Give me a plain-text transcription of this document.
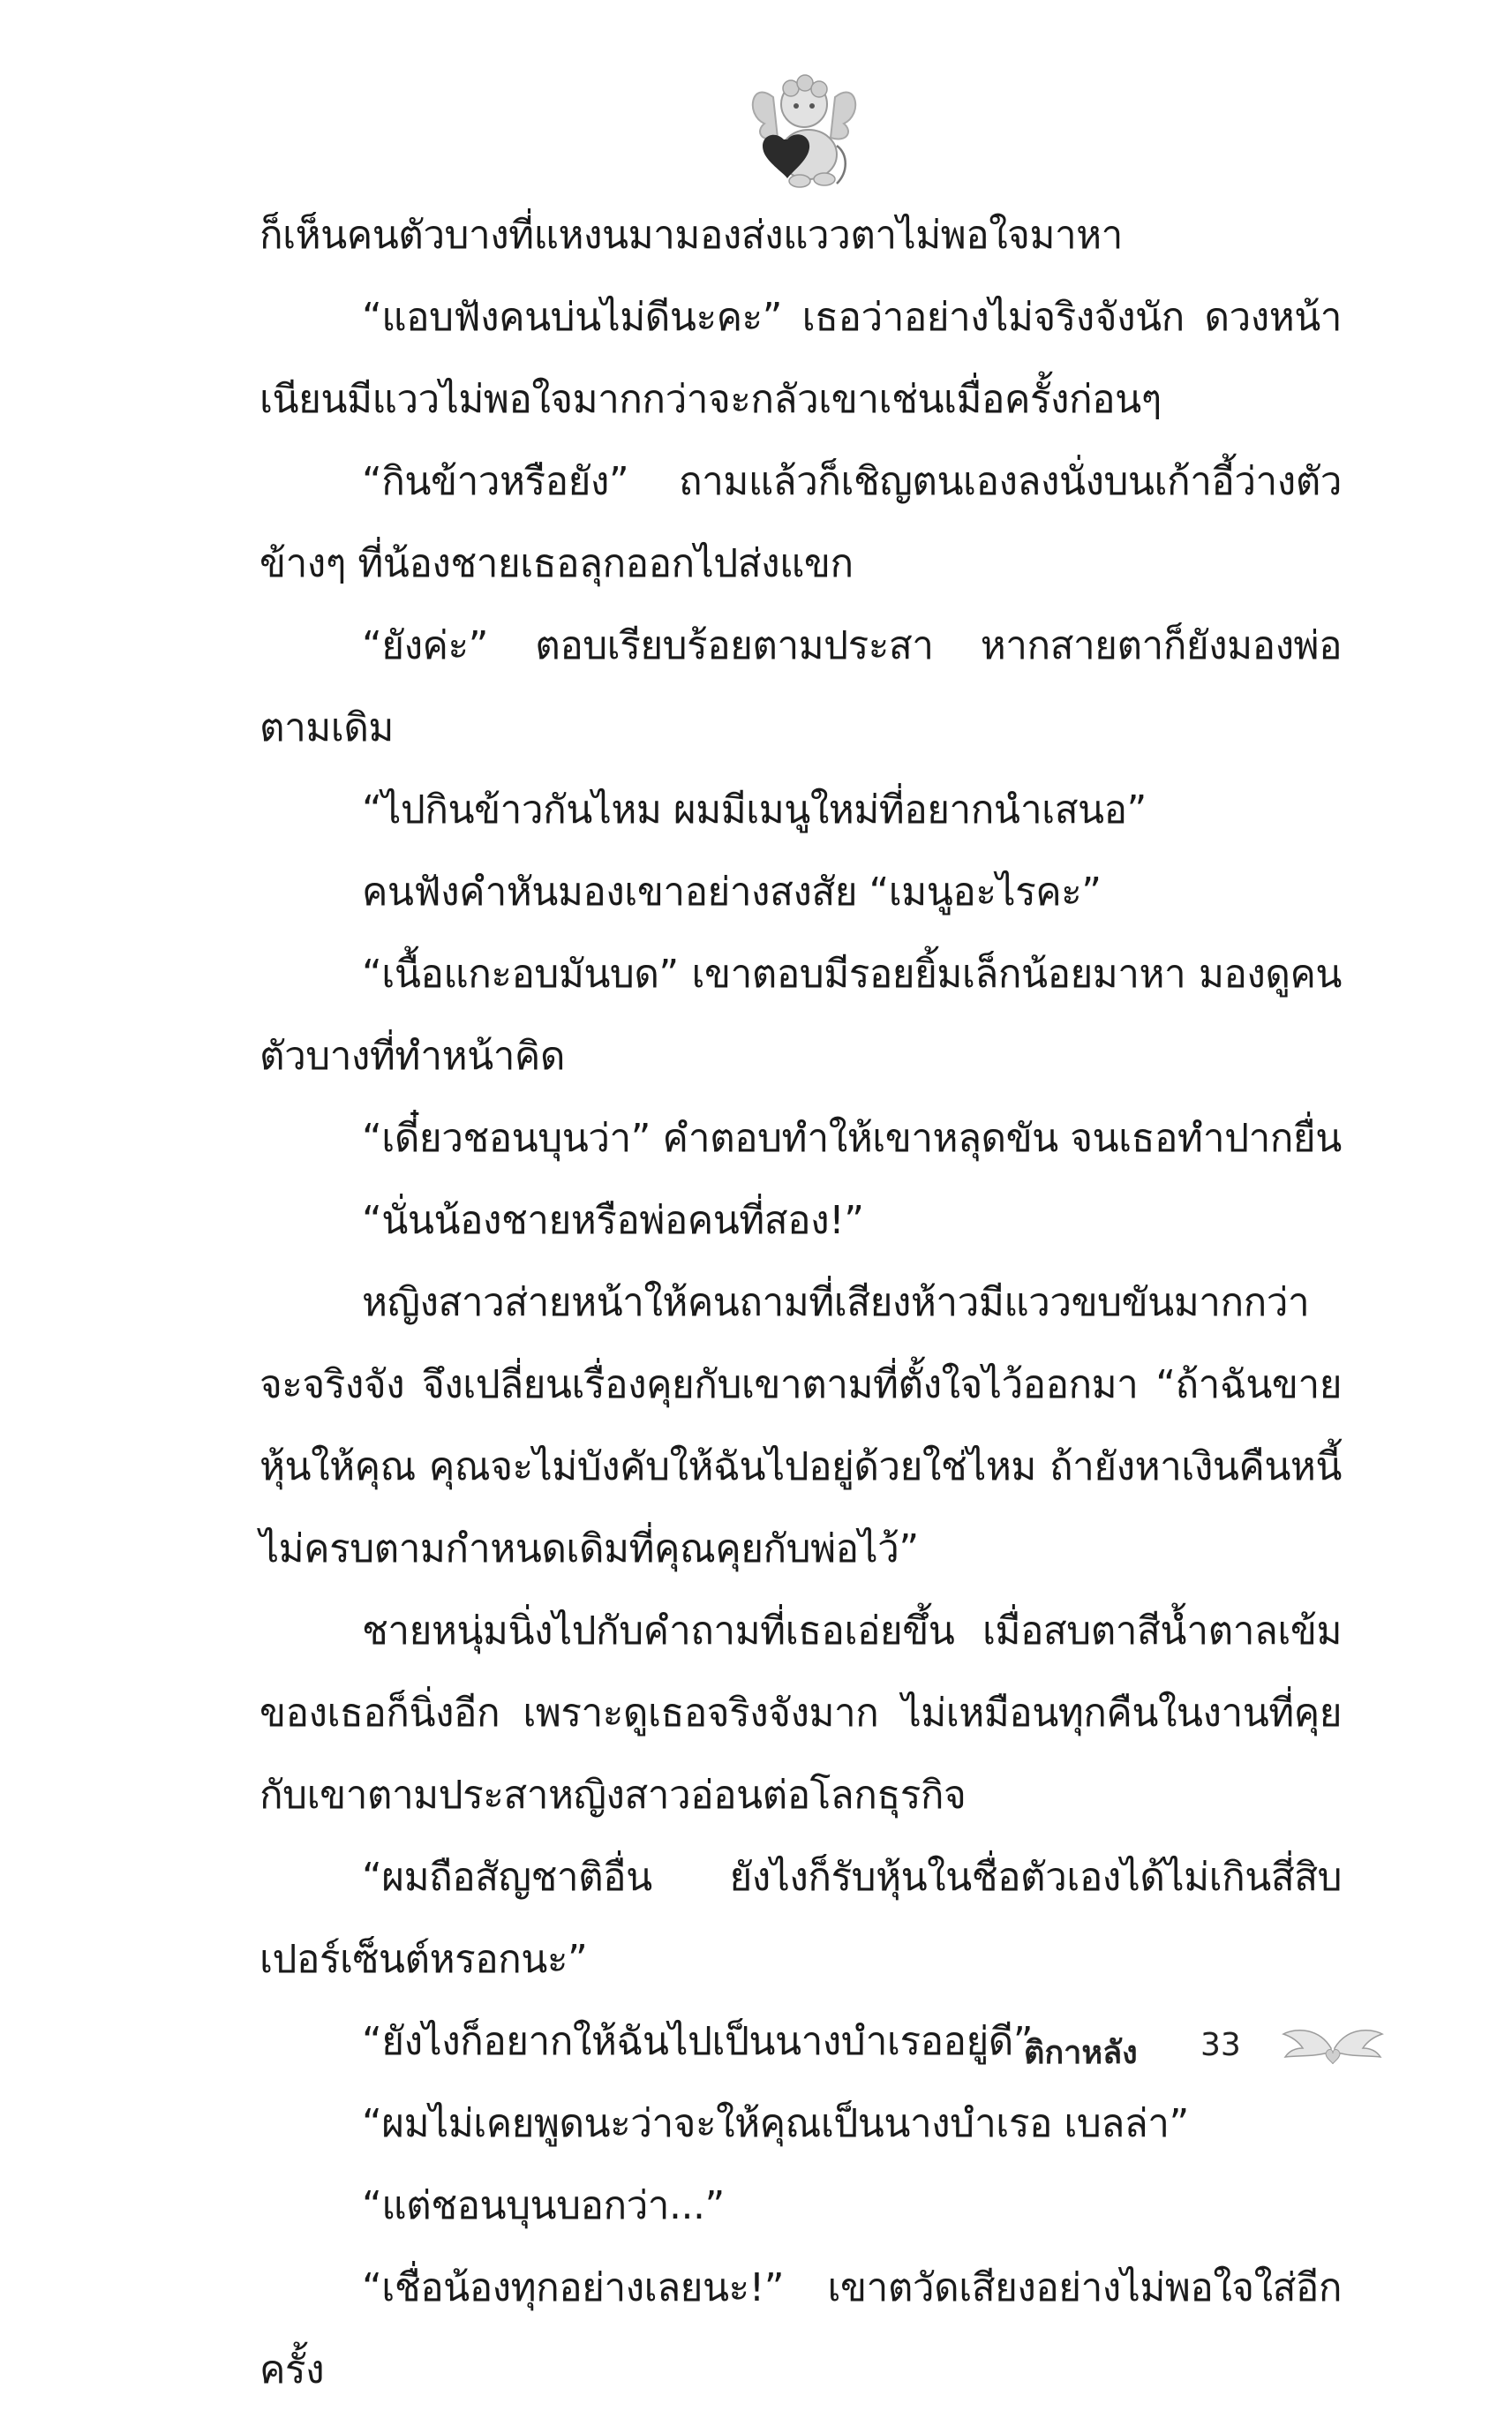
ก็เห็นคนตัวบางที่แหงนมามองส่งแววตาไม่พอใจมาหา

“แอบฟังคนบ่นไม่ดีนะคะ” เธอว่าอย่างไม่จริงจังนัก ดวงหน้าเนียนมีแววไม่พอใจมากกว่าจะกลัวเขาเช่นเมื่อครั้งก่อนๆ

“กินข้าวหรือยัง” ถามแล้วก็เชิญตนเองลงนั่งบนเก้าอี้ว่างตัวข้างๆ ที่น้องชายเธอลุกออกไปส่งแขก

“ยังค่ะ” ตอบเรียบร้อยตามประสา หากสายตาก็ยังมองพ่อตามเดิม

“ไปกินข้าวกันไหม ผมมีเมนูใหม่ที่อยากนำเสนอ”

คนฟังคำหันมองเขาอย่างสงสัย “เมนูอะไรคะ”

“เนื้อแกะอบมันบด” เขาตอบมีรอยยิ้มเล็กน้อยมาหา มองดูคนตัวบางที่ทำหน้าคิด

“เดี๋ยวชอนบุนว่า” คำตอบทำให้เขาหลุดขัน จนเธอทำปากยื่น

“นั่นน้องชายหรือพ่อคนที่สอง!”

หญิงสาวส่ายหน้าให้คนถามที่เสียงห้าวมีแววขบขันมากกว่าจะจริงจัง จึงเปลี่ยนเรื่องคุยกับเขาตามที่ตั้งใจไว้ออกมา “ถ้าฉันขายหุ้นให้คุณ คุณจะไม่บังคับให้ฉันไปอยู่ด้วยใช่ไหม ถ้ายังหาเงินคืนหนี้ไม่ครบตามกำหนดเดิมที่คุณคุยกับพ่อไว้”

ชายหนุ่มนิ่งไปกับคำถามที่เธอเอ่ยขึ้น เมื่อสบตาสีน้ำตาลเข้มของเธอก็นิ่งอีก เพราะดูเธอจริงจังมาก ไม่เหมือนทุกคืนในงานที่คุยกับเขาตามประสาหญิงสาวอ่อนต่อโลกธุรกิจ

“ผมถือสัญชาติอื่น ยังไงก็รับหุ้นในชื่อตัวเองได้ไม่เกินสี่สิบเปอร์เซ็นต์หรอกนะ”

“ยังไงก็อยากให้ฉันไปเป็นนางบำเรออยู่ดี”

“ผมไม่เคยพูดนะว่าจะให้คุณเป็นนางบำเรอ เบลล่า”

“แต่ชอนบุนบอกว่า...”

“เชื่อน้องทุกอย่างเลยนะ!” เขาตวัดเสียงอย่างไม่พอใจใส่อีกครั้ง

ติกาหลัง 33
